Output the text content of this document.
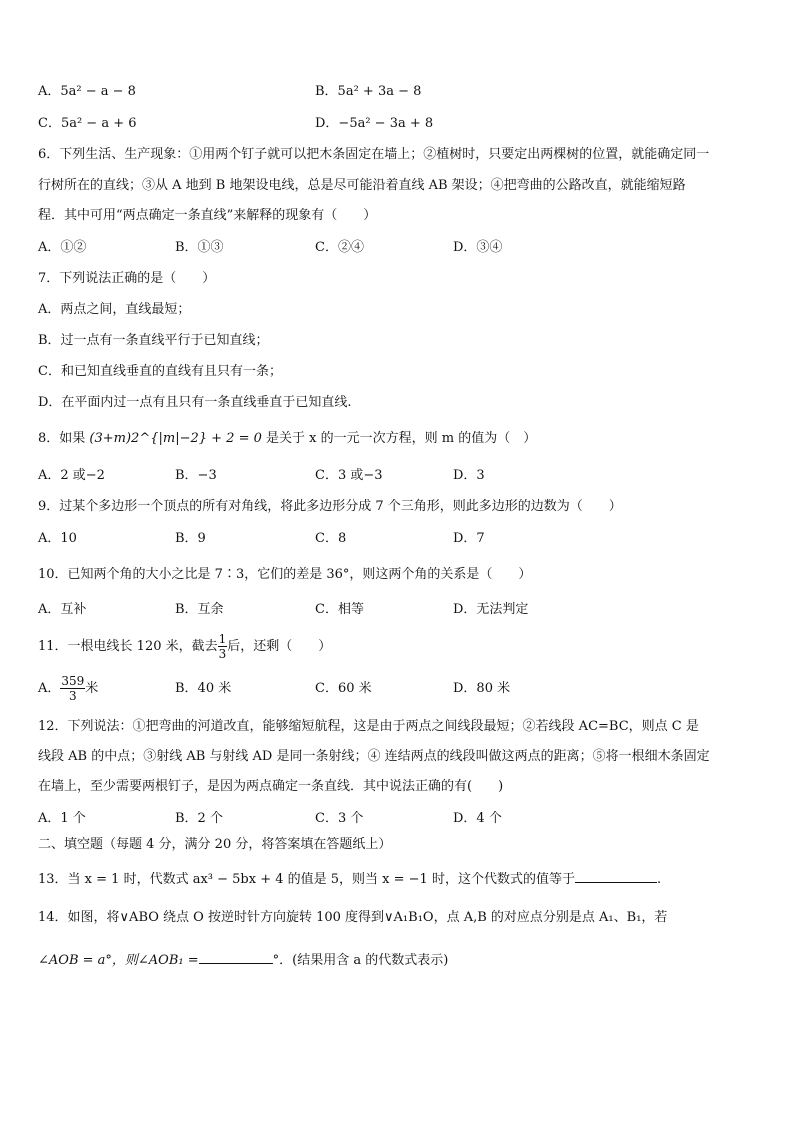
A．5a² − a − 8	B．5a² + 3a − 8
C．5a² − a + 6	D．−5a² − 3a + 8
6．下列生活、生产现象：①用两个钉子就可以把木条固定在墙上；②植树时，只要定出两棵树的位置，就能确定同一
行树所在的直线；③从 A 地到 B 地架设电线，总是尽可能沿着直线 AB 架设；④把弯曲的公路改直，就能缩短路
程．其中可用“两点确定一条直线”来解释的现象有（　　）
A．①②	B．①③	C．②④	D．③④
7．下列说法正确的是（　　）
A．两点之间，直线最短；
B．过一点有一条直线平行于已知直线；
C．和已知直线垂直的直线有且只有一条；
D．在平面内过一点有且只有一条直线垂直于已知直线.
8．如果 (3+m)2^{|m|−2} + 2 = 0 是关于 x 的一元一次方程，则 m 的值为（　）
A．2 或−2	B．−3	C．3 或−3	D．3
9．过某个多边形一个顶点的所有对角线，将此多边形分成 7 个三角形，则此多边形的边数为（　　）
A．10	B．9	C．8	D．7
10．已知两个角的大小之比是 7∶3，它们的差是 36°，则这两个角的关系是（　　）
A．互补	B．互余	C．相等	D．无法判定
11．一根电线长 120 米，截去 $\frac{1}{3}$ 后，还剩（　　）
A． $\frac{359}{3}$ 米	B．40 米	C．60 米	D．80 米
12．下列说法：①把弯曲的河道改直，能够缩短航程，这是由于两点之间线段最短；②若线段 AC=BC，则点 C 是
线段 AB 的中点；③射线 AB 与射线 AD 是同一条射线；④ 连结两点的线段叫做这两点的距离；⑤将一根细木条固定
在墙上，至少需要两根钉子，是因为两点确定一条直线．其中说法正确的有(　　)
A．1 个	B．2 个	C．3 个	D．4 个
二、填空题（每题 4 分，满分 20 分，将答案填在答题纸上）
13．当 x = 1 时，代数式 ax³ − 5bx + 4 的值是 5，则当 x = −1 时，这个代数式的值等于	.
14．如图，将∨ABO 绕点 O 按逆时针方向旋转 100 度得到∨A₁B₁O，点 A,B 的对应点分别是点 A₁、B₁，若
∠AOB = a°，则∠AOB₁ =	°．(结果用含 a 的代数式表示)
